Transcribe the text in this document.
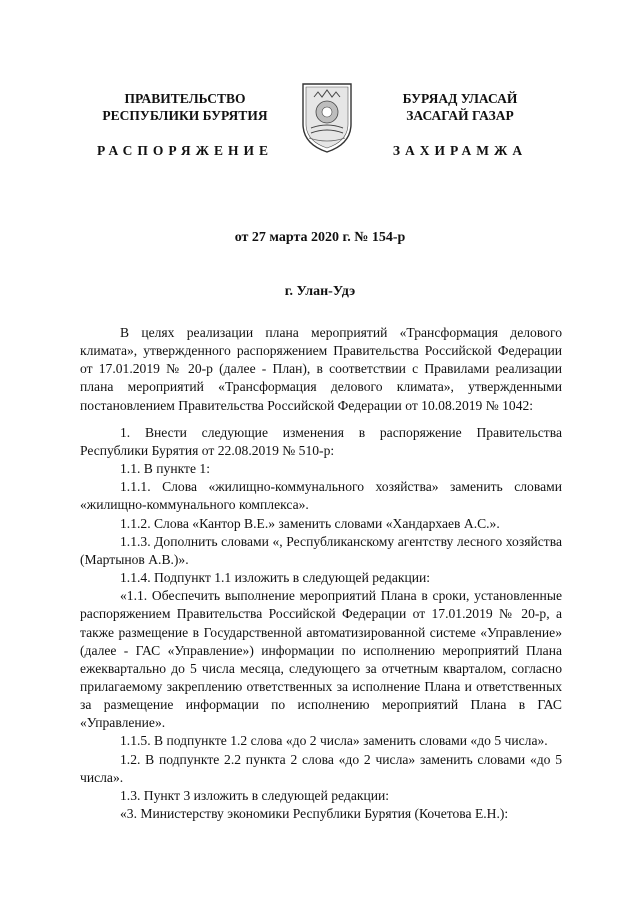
ПРАВИТЕЛЬСТВО
РЕСПУБЛИКИ БУРЯТИЯ
РАСПОРЯЖЕНИЕ
БУРЯАД УЛАСАЙ
ЗАСАГАЙ ГАЗАР
ЗАХИРАМЖА
от 27 марта 2020 г. № 154-р
г. Улан-Удэ

В целях реализации плана мероприятий «Трансформация делового климата», утвержденного распоряжением Правительства Российской Федерации от 17.01.2019 № 20-р (далее - План), в соответствии с Правилами реализации плана мероприятий «Трансформация делового климата», утвержденными постановлением Правительства Российской Федерации от 10.08.2019 № 1042:

1. Внести следующие изменения в распоряжение Правительства Республики Бурятия от 22.08.2019 № 510-р:

1.1. В пункте 1:

1.1.1. Слова «жилищно-коммунального хозяйства» заменить словами «жилищно-коммунального комплекса».

1.1.2. Слова «Кантор В.Е.» заменить словами «Хандархаев А.С.».

1.1.3. Дополнить словами «, Республиканскому агентству лесного хозяйства (Мартынов А.В.)».

1.1.4. Подпункт 1.1 изложить в следующей редакции:

«1.1. Обеспечить выполнение мероприятий Плана в сроки, установленные распоряжением Правительства Российской Федерации от 17.01.2019 № 20-р, а также размещение в Государственной автоматизированной системе «Управление» (далее - ГАС «Управление») информации по исполнению мероприятий Плана ежеквартально до 5 числа месяца, следующего за отчетным кварталом, согласно прилагаемому закреплению ответственных за исполнение Плана и ответственных за размещение информации по исполнению мероприятий Плана в ГАС «Управление».

1.1.5. В подпункте 1.2 слова «до 2 числа» заменить словами «до 5 числа».

1.2. В подпункте 2.2 пункта 2 слова «до 2 числа» заменить словами «до 5 числа».

1.3. Пункт 3 изложить в следующей редакции:

«3. Министерству экономики Республики Бурятия (Кочетова Е.Н.):
